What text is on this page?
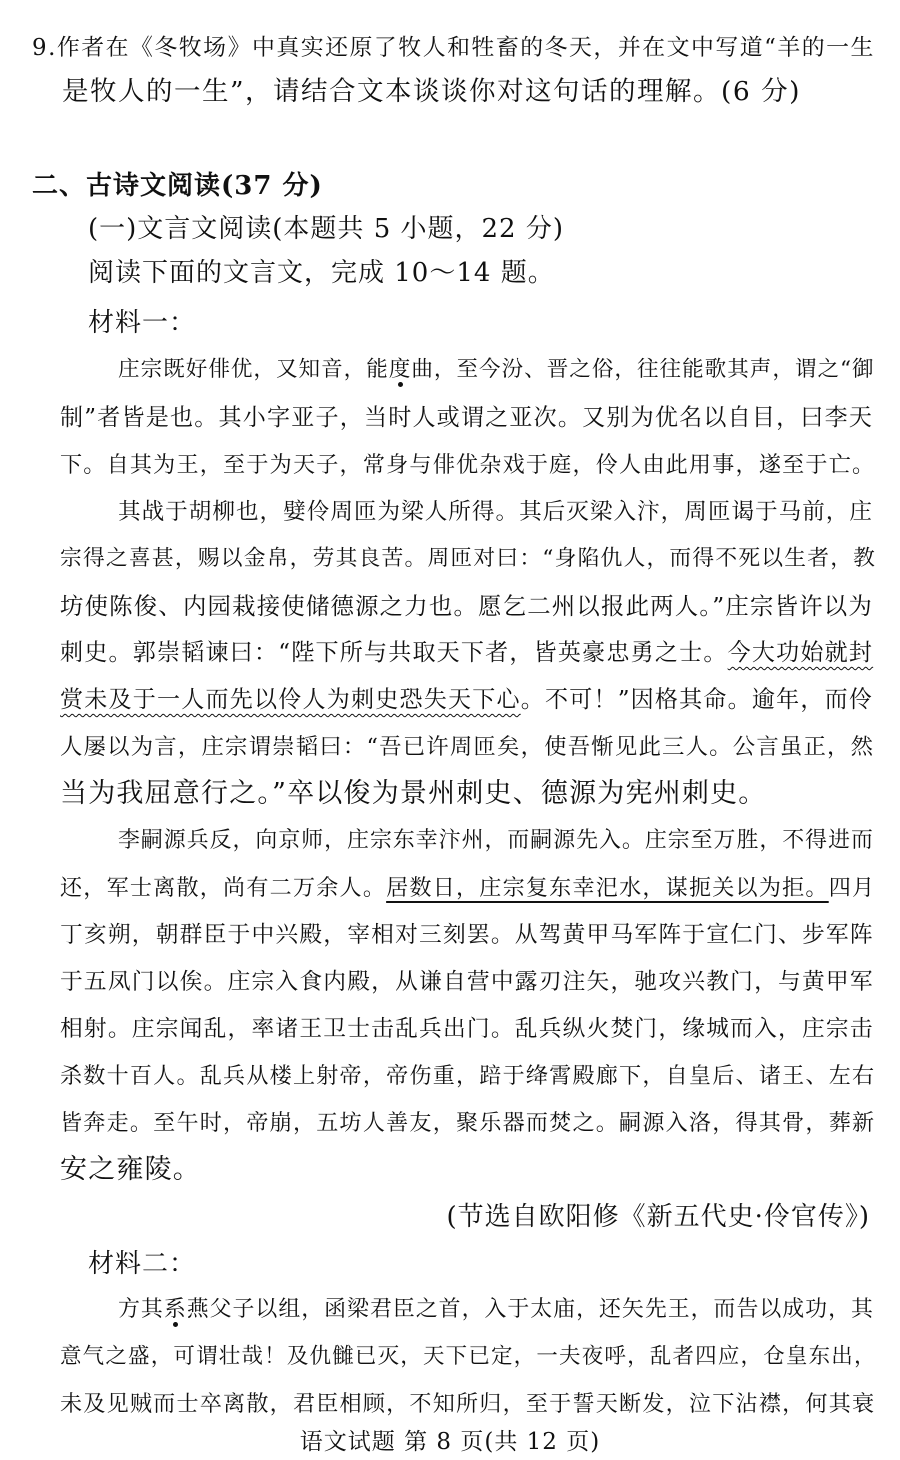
9.作者在《冬牧场》中真实还原了牧人和牲畜的冬天，并在文中写道“羊的一生
是牧人的一生”，请结合文本谈谈你对这句话的理解。(6 分)
二、古诗文阅读(37 分)
(一)文言文阅读(本题共 5 小题，22 分)
阅读下面的文言文，完成 10～14 题。
材料一：
庄宗既好俳优，又知音，能度曲，至今汾、晋之俗，往往能歌其声，谓之“御
制”者皆是也。其小字亚子，当时人或谓之亚次。又别为优名以自目，曰李天
下。自其为王，至于为天子，常身与俳优杂戏于庭，伶人由此用事，遂至于亡。
其战于胡柳也，嬖伶周匝为梁人所得。其后灭梁入汴，周匝谒于马前，庄
宗得之喜甚，赐以金帛，劳其良苦。周匝对曰：“身陷仇人，而得不死以生者，教
坊使陈俊、内园栽接使储德源之力也。愿乞二州以报此两人。”庄宗皆许以为
刺史。郭崇韬谏曰：“陛下所与共取天下者，皆英豪忠勇之士。今大功始就封
赏未及于一人而先以伶人为刺史恐失天下心。不可！”因格其命。逾年，而伶
人屡以为言，庄宗谓崇韬曰：“吾已许周匝矣，使吾惭见此三人。公言虽正，然
当为我屈意行之。”卒以俊为景州刺史、德源为宪州刺史。
李嗣源兵反，向京师，庄宗东幸汴州，而嗣源先入。庄宗至万胜，不得进而
还，军士离散，尚有二万余人。居数日，庄宗复东幸汜水，谋扼关以为拒。四月
丁亥朔，朝群臣于中兴殿，宰相对三刻罢。从驾黄甲马军阵于宣仁门、步军阵
于五凤门以俟。庄宗入食内殿，从谦自营中露刃注矢，驰攻兴教门，与黄甲军
相射。庄宗闻乱，率诸王卫士击乱兵出门。乱兵纵火焚门，缘城而入，庄宗击
杀数十百人。乱兵从楼上射帝，帝伤重，踣于绛霄殿廊下，自皇后、诸王、左右
皆奔走。至午时，帝崩，五坊人善友，聚乐器而焚之。嗣源入洛，得其骨，葬新
安之雍陵。
(节选自欧阳修《新五代史·伶官传》)
材料二：
方其系燕父子以组，函梁君臣之首，入于太庙，还矢先王，而告以成功，其
意气之盛，可谓壮哉！及仇雠已灭，天下已定，一夫夜呼，乱者四应，仓皇东出，
未及见贼而士卒离散，君臣相顾，不知所归，至于誓天断发，泣下沾襟，何其衰
语文试题 第 8 页(共 12 页)
